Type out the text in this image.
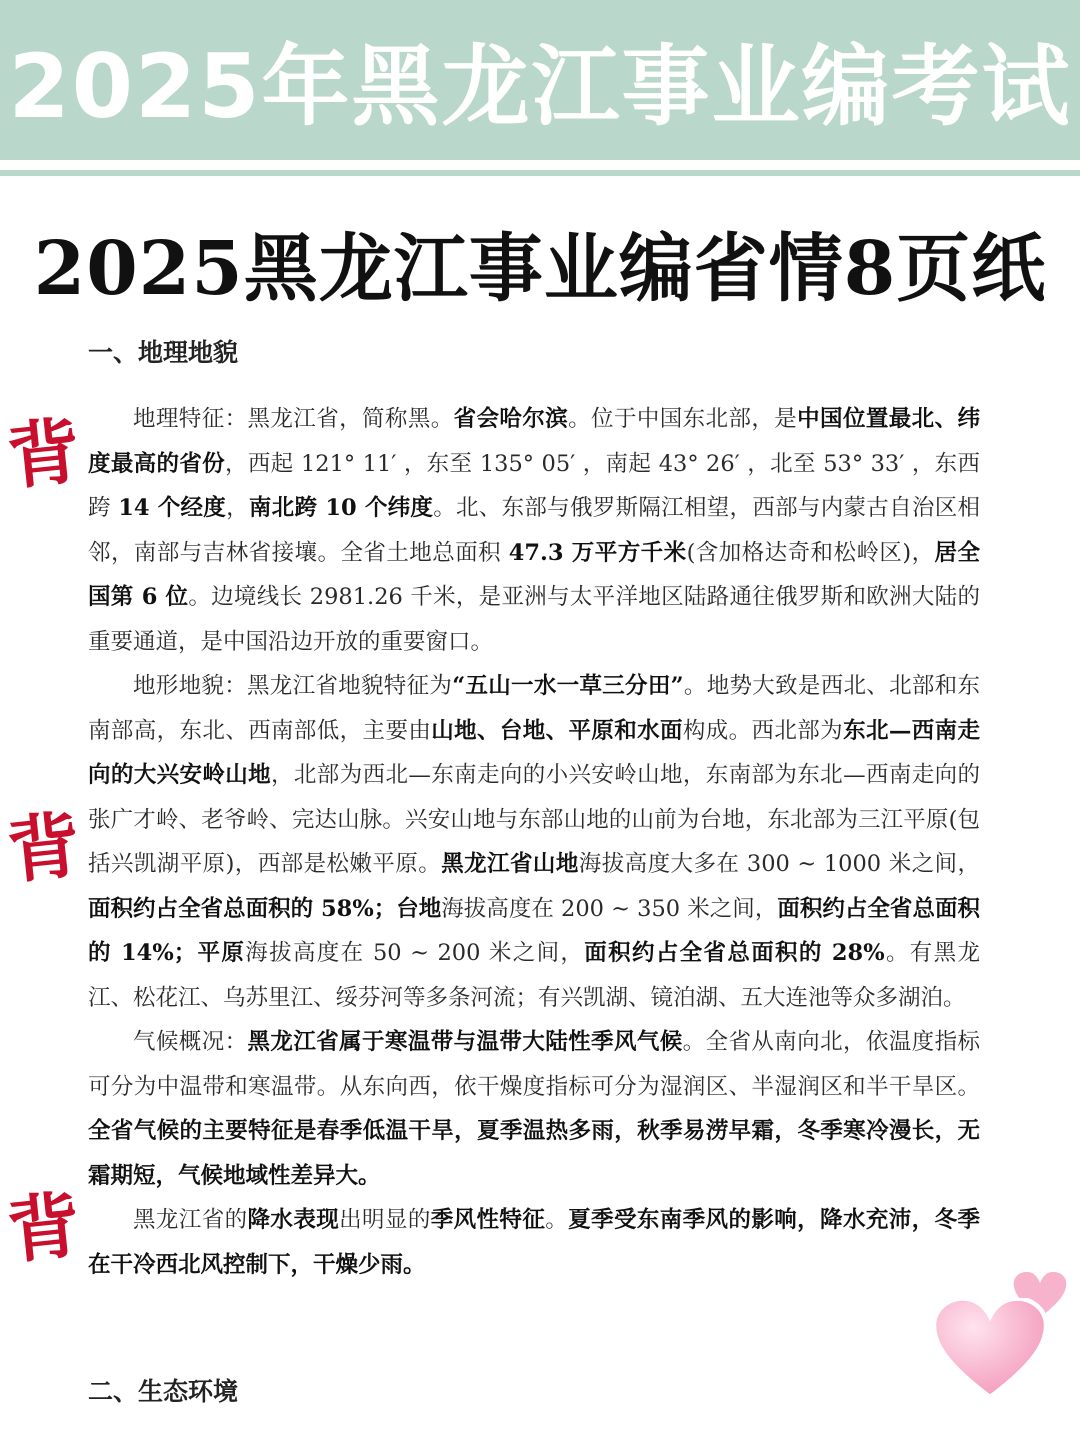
2025年黑龙江事业编考试
2025黑龙江事业编省情8页纸
一、地理地貌

地理特征：黑龙江省，简称黑。省会哈尔滨。位于中国东北部，是中国位置最北、纬度最高的省份，西起 121° 11′ ，东至 135° 05′ ，南起 43° 26′ ，北至 53° 33′ ，东西跨 14 个经度，南北跨 10 个纬度。北、东部与俄罗斯隔江相望，西部与内蒙古自治区相邻，南部与吉林省接壤。全省土地总面积 47.3 万平方千米(含加格达奇和松岭区)，居全国第 6 位。边境线长 2981.26 千米，是亚洲与太平洋地区陆路通往俄罗斯和欧洲大陆的重要通道，是中国沿边开放的重要窗口。

地形地貌：黑龙江省地貌特征为“五山一水一草三分田”。地势大致是西北、北部和东南部高，东北、西南部低，主要由山地、台地、平原和水面构成。西北部为东北—西南走向的大兴安岭山地，北部为西北—东南走向的小兴安岭山地，东南部为东北—西南走向的张广才岭、老爷岭、完达山脉。兴安山地与东部山地的山前为台地，东北部为三江平原(包括兴凯湖平原)，西部是松嫩平原。黑龙江省山地海拔高度大多在 300 ~ 1000 米之间，面积约占全省总面积的 58%；台地海拔高度在 200 ~ 350 米之间，面积约占全省总面积的 14%；平原海拔高度在 50 ~ 200 米之间，面积约占全省总面积的 28%。有黑龙江、松花江、乌苏里江、绥芬河等多条河流；有兴凯湖、镜泊湖、五大连池等众多湖泊。

气候概况：黑龙江省属于寒温带与温带大陆性季风气候。全省从南向北，依温度指标可分为中温带和寒温带。从东向西，依干燥度指标可分为湿润区、半湿润区和半干旱区。全省气候的主要特征是春季低温干旱，夏季温热多雨，秋季易涝早霜，冬季寒冷漫长，无霜期短，气候地域性差异大。

黑龙江省的降水表现出明显的季风性特征。夏季受东南季风的影响，降水充沛，冬季在干冷西北风控制下，干燥少雨。

二、生态环境
背
背
背
